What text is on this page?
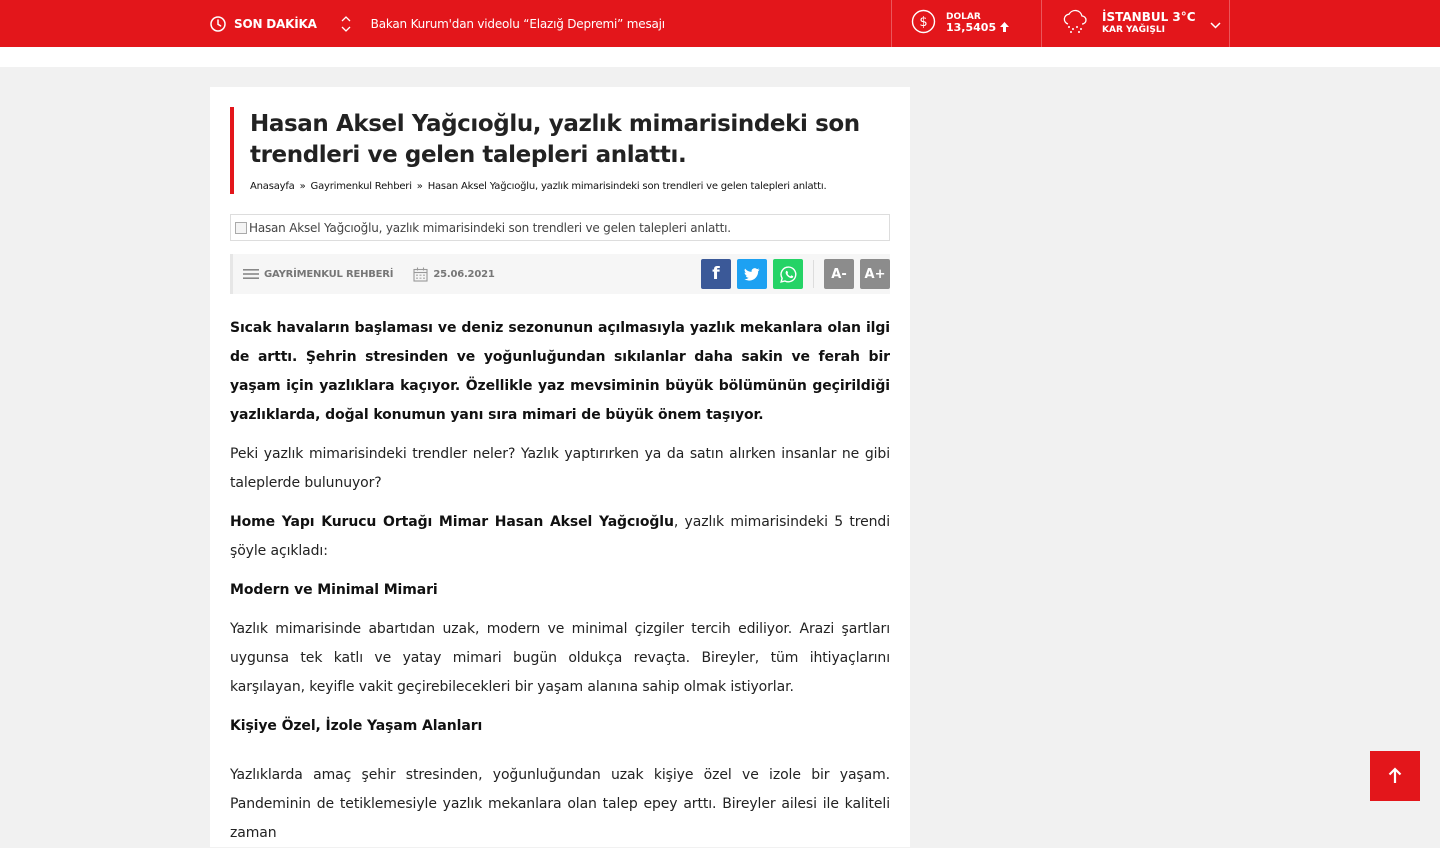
SON DAKİKA	Bakan Kurum'dan videolu “Elazığ Depremi” mesajı	$ DOLAR
13,5405
İSTANBUL 3°C
KAR YAĞIŞLI
Hasan Aksel Yağcıoğlu, yazlık mimarisindeki son trendleri ve gelen talepleri anlattı.
Anasayfa » Gayrimenkul Rehberi » Hasan Aksel Yağcıoğlu, yazlık mimarisindeki son trendleri ve gelen talepleri anlattı.
Hasan Aksel Yağcıoğlu, yazlık mimarisindeki son trendleri ve gelen talepleri anlattı.
GAYRİMENKUL REHBERİ	25.06.2021	f	A-	A+

Sıcak havaların başlaması ve deniz sezonunun açılmasıyla yazlık mekanlara olan ilgi de arttı. Şehrin stresinden ve yoğunluğundan sıkılanlar daha sakin ve ferah bir yaşam için yazlıklara kaçıyor. Özellikle yaz mevsiminin büyük bölümünün geçirildiği yazlıklarda, doğal konumun yanı sıra mimari de büyük önem taşıyor.

Peki yazlık mimarisindeki trendler neler? Yazlık yaptırırken ya da satın alırken insanlar ne gibi taleplerde bulunuyor?

Home Yapı Kurucu Ortağı Mimar Hasan Aksel Yağcıoğlu, yazlık mimarisindeki 5 trendi şöyle açıkladı:

Modern ve Minimal Mimari

Yazlık mimarisinde abartıdan uzak, modern ve minimal çizgiler tercih ediliyor. Arazi şartları uygunsa tek katlı ve yatay mimari bugün oldukça revaçta. Bireyler, tüm ihtiyaçlarını karşılayan, keyifle vakit geçirebilecekleri bir yaşam alanına sahip olmak istiyorlar.

Kişiye Özel, İzole Yaşam Alanları

Yazlıklarda amaç şehir stresinden, yoğunluğundan uzak kişiye özel ve izole bir yaşam. Pandeminin de tetiklemesiyle yazlık mekanlara olan talep epey arttı. Bireyler ailesi ile kaliteli zaman
